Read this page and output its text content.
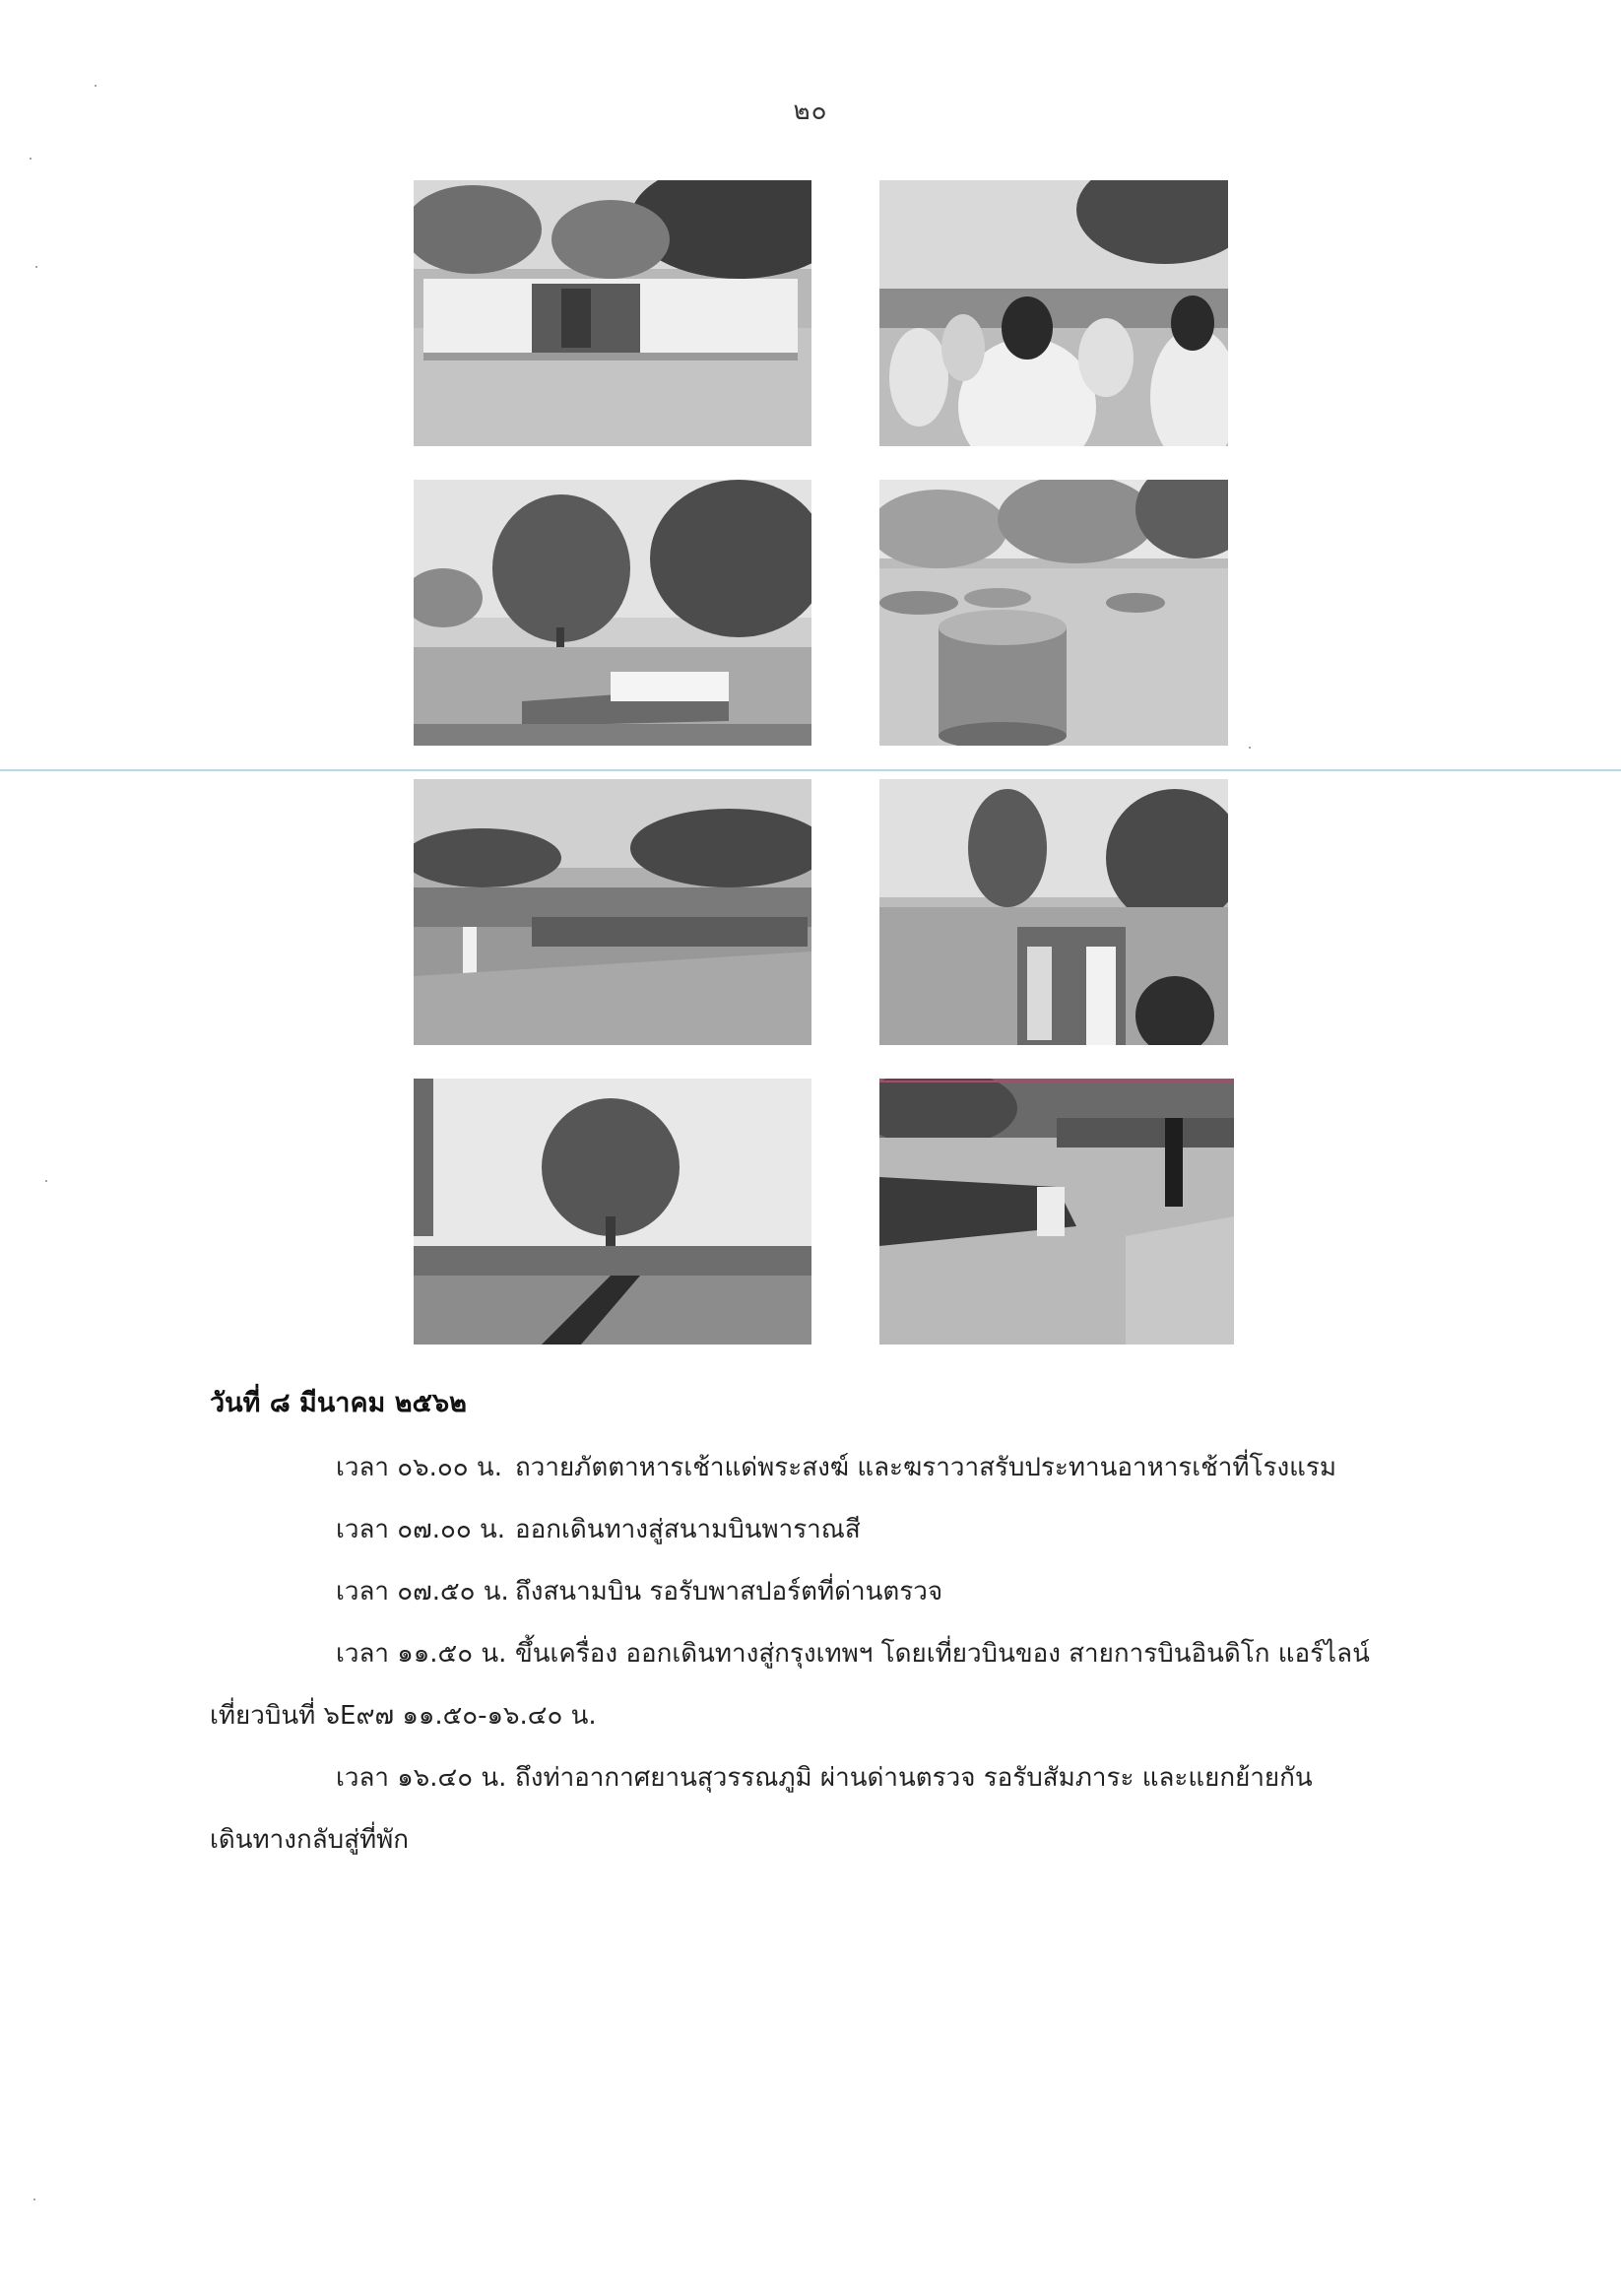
๒๐
วันที่ ๘ มีนาคม ๒๕๖๒
เวลา ๐๖.๐๐ น. ถวายภัตตาหารเช้าแด่พระสงฆ์ และฆราวาสรับประทานอาหารเช้าที่โรงแรม
เวลา ๐๗.๐๐ น. ออกเดินทางสู่สนามบินพาราณสี
เวลา ๐๗.๕๐ น. ถึงสนามบิน รอรับพาสปอร์ตที่ด่านตรวจ
เวลา ๑๑.๕๐ น. ขึ้นเครื่อง ออกเดินทางสู่กรุงเทพฯ โดยเที่ยวบินของ สายการบินอินดิโก แอร์ไลน์
เที่ยวบินที่ ๖E๙๗ ๑๑.๕๐-๑๖.๔๐ น.
เวลา ๑๖.๔๐ น. ถึงท่าอากาศยานสุวรรณภูมิ ผ่านด่านตรวจ รอรับสัมภาระ และแยกย้ายกัน
เดินทางกลับสู่ที่พัก
